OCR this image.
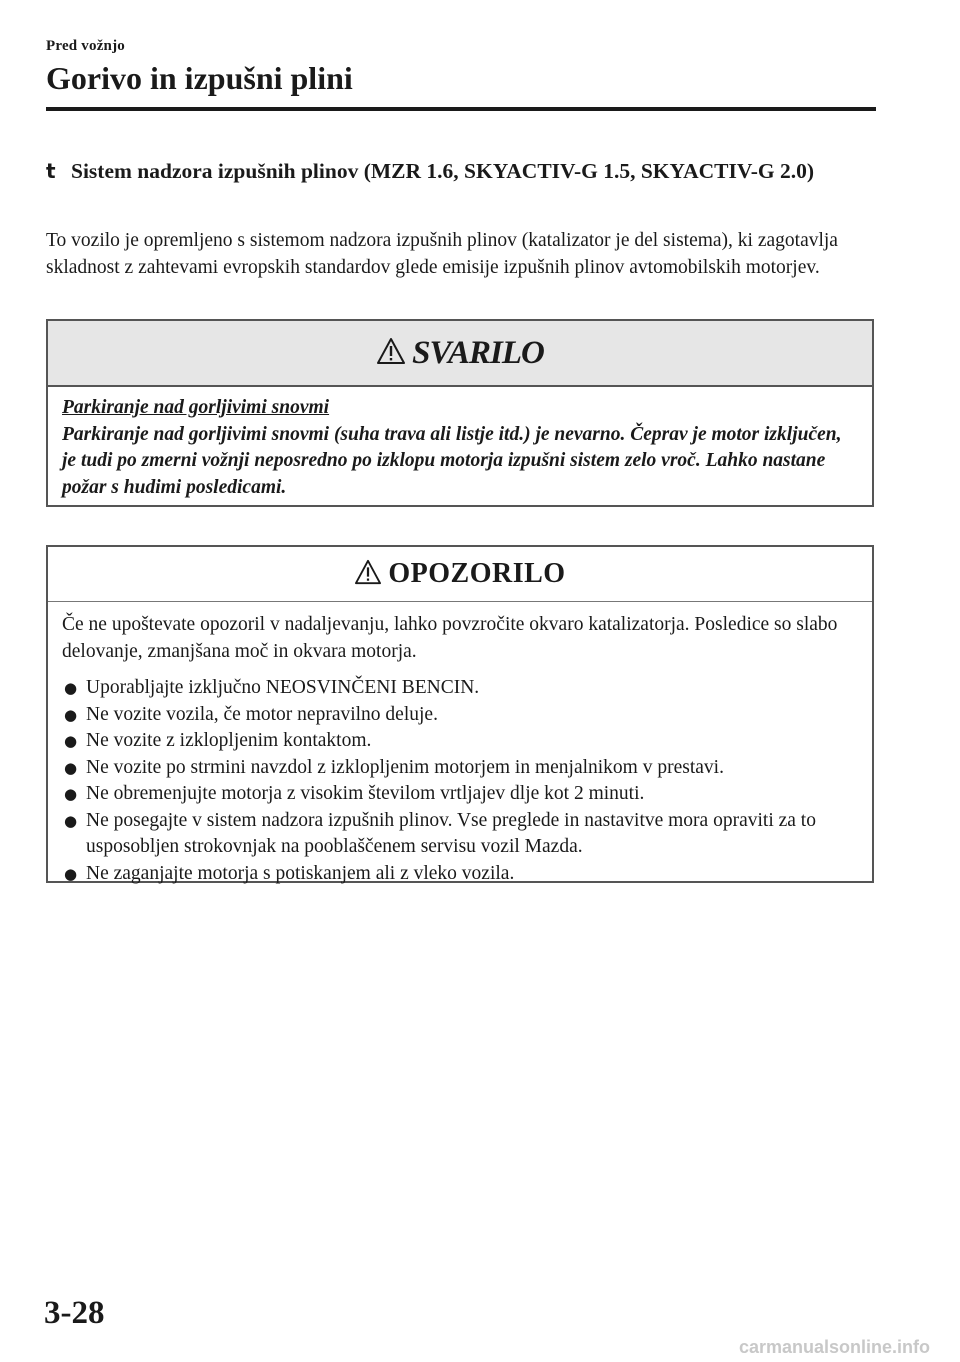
Pred vožnjo
Gorivo in izpušni plini
t Sistem nadzora izpušnih plinov (MZR 1.6, SKYACTIV-G 1.5, SKYACTIV-G 2.0)

To vozilo je opremljeno s sistemom nadzora izpušnih plinov (katalizator je del sistema), ki zagotavlja skladnost z zahtevami evropskih standardov glede emisije izpušnih plinov avtomobilskih motorjev.

SVARILO
Parkiranje nad gorljivimi snovmi
Parkiranje nad gorljivimi snovmi (suha trava ali listje itd.) je nevarno. Čeprav je motor izključen, je tudi po zmerni vožnji neposredno po izklopu motorja izpušni sistem zelo vroč. Lahko nastane požar s hudimi posledicami.
OPOZORILO

Če ne upoštevate opozoril v nadaljevanju, lahko povzročite okvaro katalizatorja. Posledice so slabo delovanje, zmanjšana moč in okvara motorja.

● Uporabljajte izključno NEOSVINČENI BENCIN.
● Ne vozite vozila, če motor nepravilno deluje.
● Ne vozite z izklopljenim kontaktom.
● Ne vozite po strmini navzdol z izklopljenim motorjem in menjalnikom v prestavi.
● Ne obremenjujte motorja z visokim številom vrtljajev dlje kot 2 minuti.
● Ne posegajte v sistem nadzora izpušnih plinov. Vse preglede in nastavitve mora opraviti za to usposobljen strokovnjak na pooblaščenem servisu vozil Mazda.
● Ne zaganjajte motorja s potiskanjem ali z vleko vozila.
3-28
carmanualsonline.info
